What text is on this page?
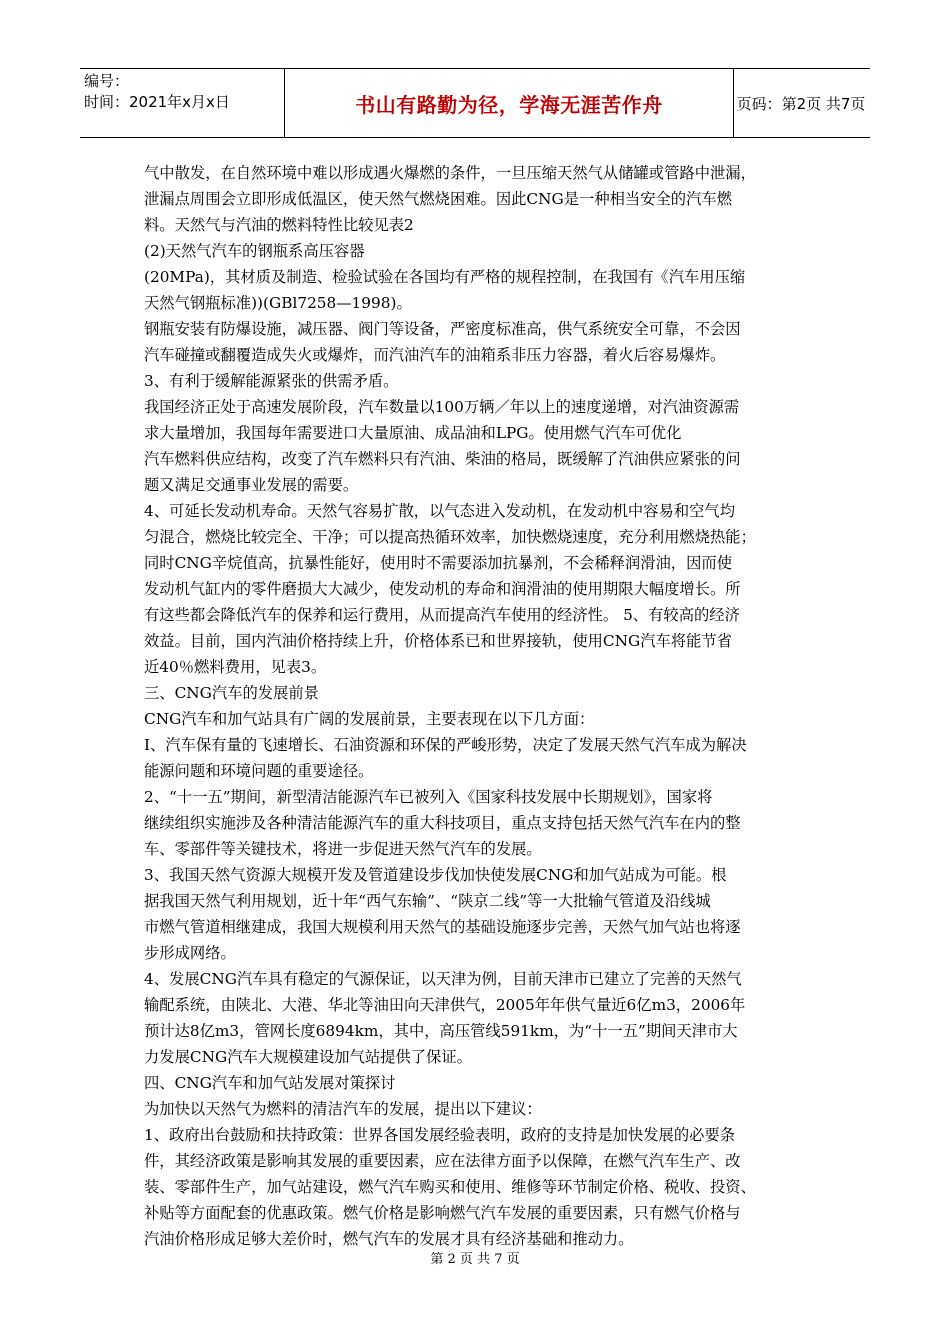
编号：
时间：2021年x月x日	书山有路勤为径，学海无涯苦作舟	页码：第2页 共7页

气中散发，在自然环境中难以形成遇火爆燃的条件，一旦压缩天然气从储罐或管路中泄漏，

泄漏点周围会立即形成低温区，使天然气燃烧困难。因此CNG是一种相当安全的汽车燃

料。天然气与汽油的燃料特性比较见表2

(2)天然气汽车的钢瓶系高压容器

(20MPa)，其材质及制造、检验试验在各国均有严格的规程控制，在我国有《汽车用压缩

天然气钢瓶标准))(GBl7258—1998)。

钢瓶安装有防爆设施，减压器、阀门等设备，严密度标准高，供气系统安全可靠，不会因

汽车碰撞或翻覆造成失火或爆炸，而汽油汽车的油箱系非压力容器，着火后容易爆炸。

3、有利于缓解能源紧张的供需矛盾。

我国经济正处于高速发展阶段，汽车数量以100万辆／年以上的速度递增，对汽油资源需

求大量增加，我国每年需要进口大量原油、成品油和LPG。使用燃气汽车可优化

汽车燃料供应结构，改变了汽车燃料只有汽油、柴油的格局，既缓解了汽油供应紧张的问

题又满足交通事业发展的需要。

4、可延长发动机寿命。天然气容易扩散，以气态进入发动机，在发动机中容易和空气均

匀混合，燃烧比较完全、干净；可以提高热循环效率，加快燃烧速度，充分利用燃烧热能；

同时CNG辛烷值高，抗暴性能好，使用时不需要添加抗暴剂，不会稀释润滑油，因而使

发动机气缸内的零件磨损大大减少，使发动机的寿命和润滑油的使用期限大幅度增长。所

有这些都会降低汽车的保养和运行费用，从而提高汽车使用的经济性。 5、有较高的经济

效益。目前，国内汽油价格持续上升，价格体系已和世界接轨，使用CNG汽车将能节省

近40％燃料费用，见表3。

三、CNG汽车的发展前景

CNG汽车和加气站具有广阔的发展前景，主要表现在以下几方面：

I、汽车保有量的飞速增长、石油资源和环保的严峻形势，决定了发展天然气汽车成为解决

能源问题和环境问题的重要途径。

2、“十一五”期间，新型清洁能源汽车已被列入《国家科技发展中长期规划》，国家将

继续组织实施涉及各种清洁能源汽车的重大科技项目，重点支持包括天然气汽车在内的整

车、零部件等关键技术，将进一步促进天然气汽车的发展。

3、我国天然气资源大规模开发及管道建设步伐加快使发展CNG和加气站成为可能。根

据我国天然气利用规划，近十年“西气东输”、“陕京二线”等一大批输气管道及沿线城

市燃气管道相继建成，我国大规模利用天然气的基础设施逐步完善，天然气加气站也将逐

步形成网络。

4、发展CNG汽车具有稳定的气源保证，以天津为例，目前天津市已建立了完善的天然气

输配系统，由陕北、大港、华北等油田向天津供气，2005年年供气量近6亿m3，2006年

预计达8亿m3，管网长度6894km，其中，高压管线591km，为“十一五”期间天津市大

力发展CNG汽车大规模建设加气站提供了保证。

四、CNG汽车和加气站发展对策探讨

为加快以天然气为燃料的清洁汽车的发展，提出以下建议：

1、政府出台鼓励和扶持政策：世界各国发展经验表明，政府的支持是加快发展的必要条

件，其经济政策是影响其发展的重要因素，应在法律方面予以保障，在燃气汽车生产、改

装、零部件生产，加气站建设，燃气汽车购买和使用、维修等环节制定价格、税收、投资、

补贴等方面配套的优惠政策。燃气价格是影响燃气汽车发展的重要因素，只有燃气价格与

汽油价格形成足够大差价时，燃气汽车的发展才具有经济基础和推动力。

第 2 页 共 7 页
